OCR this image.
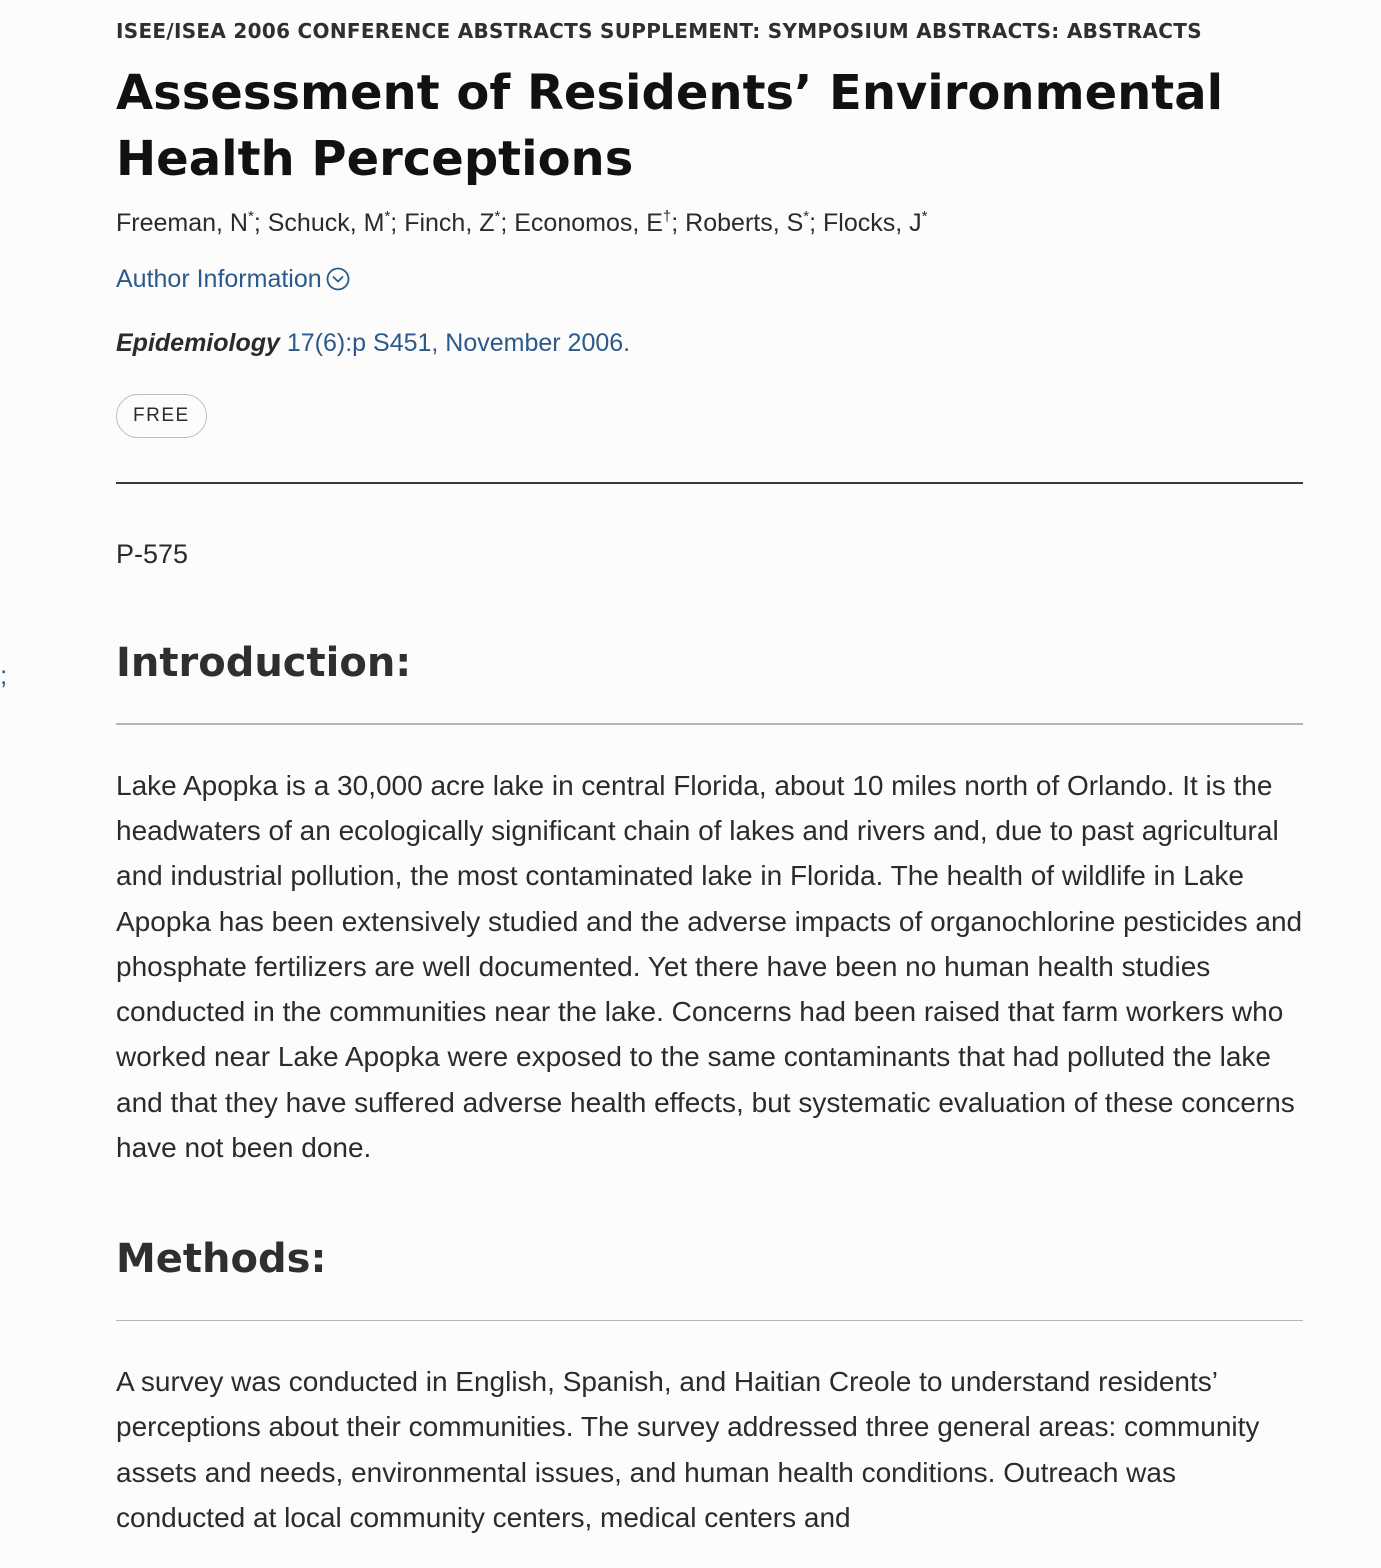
;

ISEE/ISEA 2006 CONFERENCE ABSTRACTS SUPPLEMENT: SYMPOSIUM ABSTRACTS: ABSTRACTS

Assessment of Residents’ Environmental Health Perceptions
Freeman, N*; Schuck, M*; Finch, Z*; Economos, E†; Roberts, S*; Flocks, J*
Author Information
Epidemiology 17(6):p S451, November 2006.
FREE
P-575
Introduction:

Lake Apopka is a 30,000 acre lake in central Florida, about 10 miles north of Orlando. It is the headwaters of an ecologically significant chain of lakes and rivers and, due to past agricultural and industrial pollution, the most contaminated lake in Florida. The health of wildlife in Lake Apopka has been extensively studied and the adverse impacts of organochlorine pesticides and phosphate fertilizers are well documented. Yet there have been no human health studies conducted in the communities near the lake. Concerns had been raised that farm workers who worked near Lake Apopka were exposed to the same contaminants that had polluted the lake and that they have suffered adverse health effects, but systematic evaluation of these concerns have not been done.

Methods:

A survey was conducted in English, Spanish, and Haitian Creole to understand residents’ perceptions about their communities. The survey addressed three general areas: community assets and needs, environmental issues, and human health conditions. Outreach was conducted at local community centers, medical centers and
